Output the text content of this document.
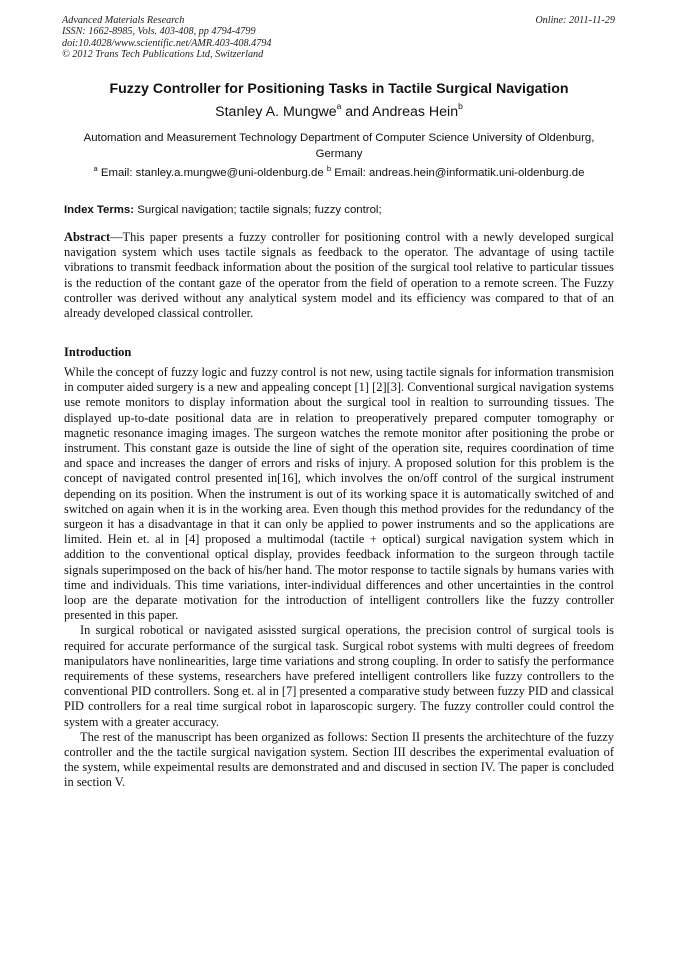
Advanced Materials Research
ISSN: 1662-8985, Vols. 403-408, pp 4794-4799
doi:10.4028/www.scientific.net/AMR.403-408.4794
© 2012 Trans Tech Publications Ltd, Switzerland
Online: 2011-11-29
Fuzzy Controller for Positioning Tasks in Tactile Surgical Navigation
Stanley A. Mungwe$^a$ and Andreas Hein$^b$
Automation and Measurement Technology Department of Computer Science University of Oldenburg, Germany
$^a$ Email: stanley.a.mungwe@uni-oldenburg.de $^b$ Email: andreas.hein@informatik.uni-oldenburg.de
Index Terms: Surgical navigation; tactile signals; fuzzy control;
Abstract—This paper presents a fuzzy controller for positioning control with a newly developed surgical navigation system which uses tactile signals as feedback to the operator. The advantage of using tactile vibrations to transmit feedback information about the position of the surgical tool relative to particular tissues is the reduction of the contant gaze of the operator from the field of operation to a remote screen. The Fuzzy controller was derived without any analytical system model and its efficiency was compared to that of an already developed classical controller.
Introduction

While the concept of fuzzy logic and fuzzy control is not new, using tactile signals for information transmision in computer aided surgery is a new and appealing concept [1] [2][3]. Conventional surgical navigation systems use remote monitors to display information about the surgical tool in realtion to surrounding tissues. The displayed up-to-date positional data are in relation to preoperatively prepared computer tomography or magnetic resonance imaging images. The surgeon watches the remote monitor after positioning the probe or instrument. This constant gaze is outside the line of sight of the operation site, requires coordination of time and space and increases the danger of errors and risks of injury. A proposed solution for this problem is the concept of navigated control presented in[16], which involves the on/off control of the surgical instrument depending on its position. When the instrument is out of its working space it is automatically switched of and switched on again when it is in the working area. Even though this method provides for the redundancy of the surgeon it has a disadvantage in that it can only be applied to power instruments and so the applications are limited. Hein et. al in [4] proposed a multimodal (tactile + optical) surgical navigation system which in addition to the conventional optical display, provides feedback information to the surgeon through tactile signals superimposed on the back of his/her hand. The motor response to tactile signals by humans varies with time and individuals. This time variations, inter-individual differences and other uncertainties in the control loop are the deparate motivation for the introduction of intelligent controllers like the fuzzy controller presented in this paper.

In surgical robotical or navigated asissted surgical operations, the precision control of surgical tools is required for accurate performance of the surgical task. Surgical robot systems with multi degrees of freedom manipulators have nonlinearities, large time variations and strong coupling. In order to satisfy the performance requirements of these systems, researchers have prefered intelligent controllers like fuzzy controllers to the conventional PID controllers. Song et. al in [7] presented a comparative study between fuzzy PID and classical PID controllers for a real time surgical robot in laparoscopic surgery. The fuzzy controller could control the system with a greater accuracy.

The rest of the manuscript has been organized as follows: Section II presents the architechture of the fuzzy controller and the the tactile surgical navigation system. Section III describes the experimental evaluation of the system, while expeimental results are demonstrated and and discused in section IV. The paper is concluded in section V.
